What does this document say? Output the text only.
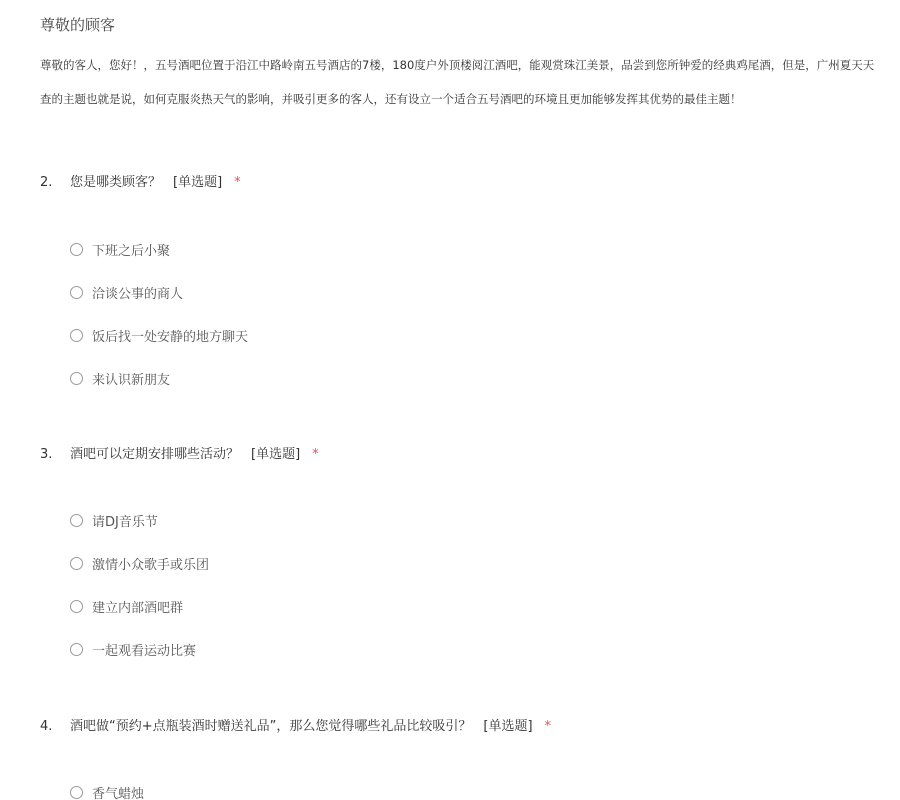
尊敬的顾客
尊敬的客人，您好！，五号酒吧位置于沿江中路岭南五号酒店的7楼，180度户外顶楼阅江酒吧，能观赏珠江美景，品尝到您所钟爱的经典鸡尾酒，但是，广州夏天天
查的主题也就是说，如何克服炎热天气的影响，并吸引更多的客人，还有设立一个适合五号酒吧的环境且更加能够发挥其优势的最佳主题！
2. 您是哪类顾客？ [单选题] *
下班之后小聚
洽谈公事的商人
饭后找一处安静的地方聊天
来认识新朋友
3. 酒吧可以定期安排哪些活动？ [单选题] *
请DJ音乐节
激情小众歌手或乐团
建立内部酒吧群
一起观看运动比赛
4. 酒吧做“预约+点瓶装酒时赠送礼品”，那么您觉得哪些礼品比较吸引？ [单选题] *
香气蜡烛
